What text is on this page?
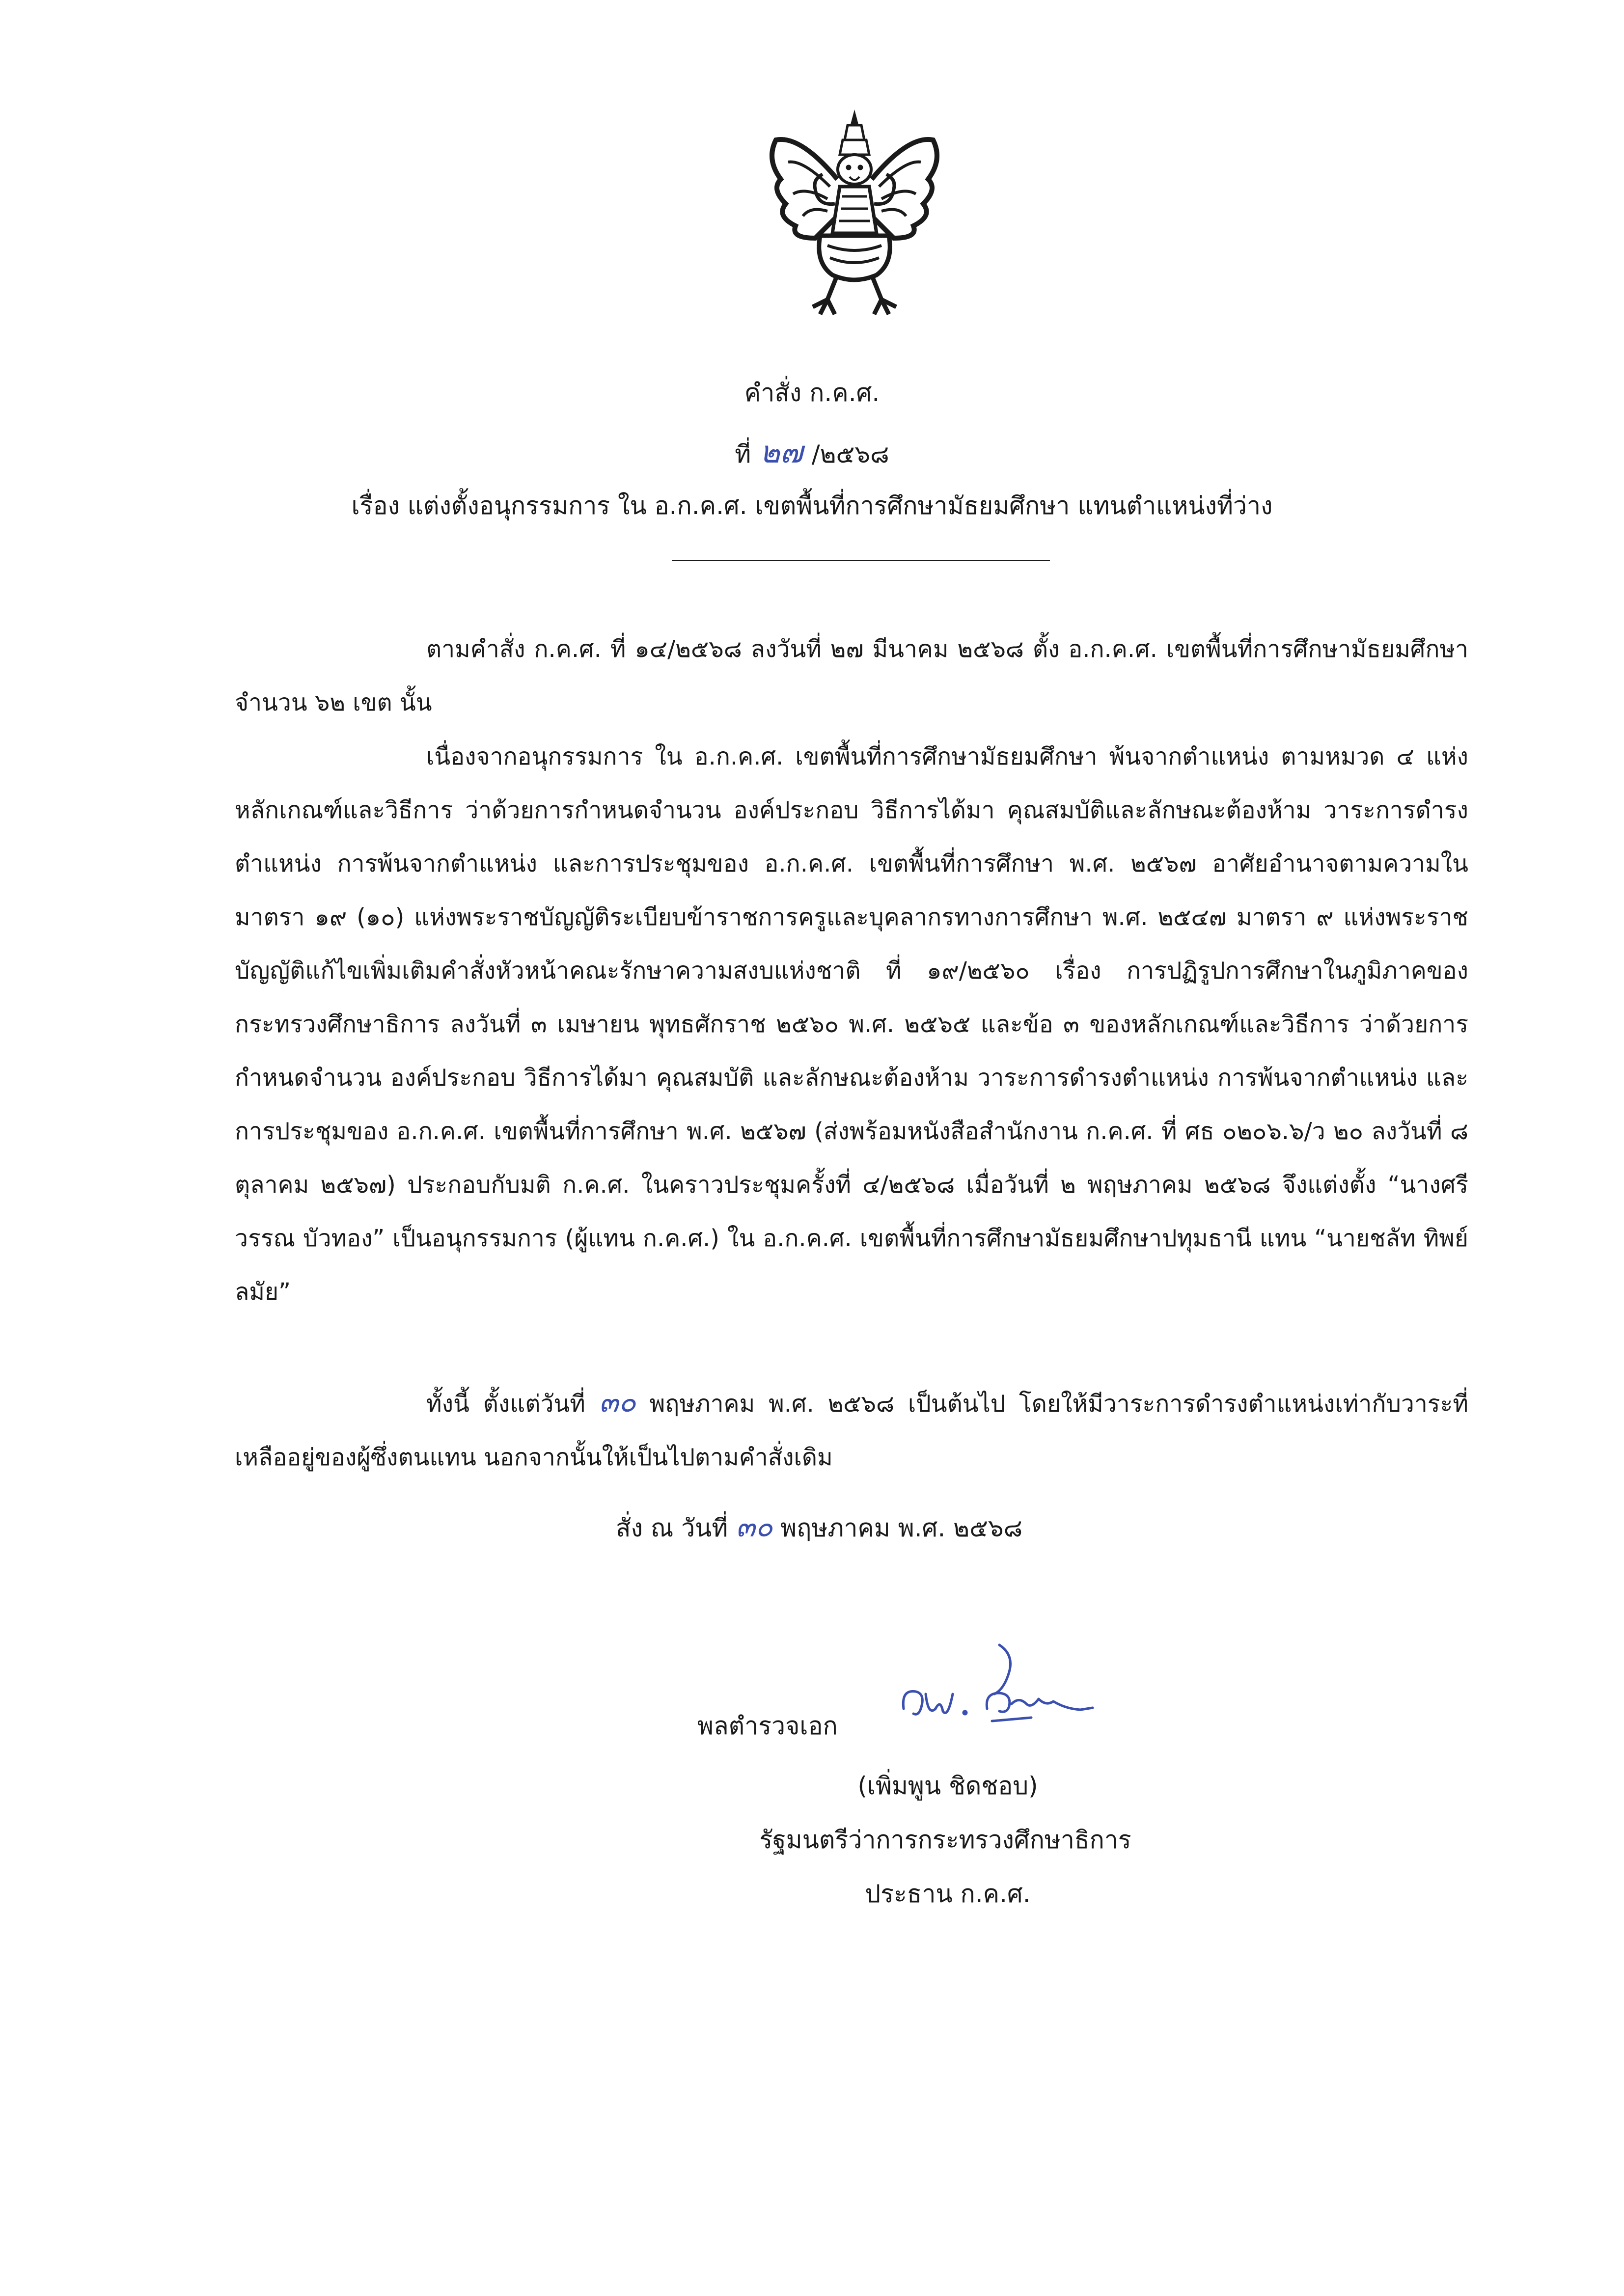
คำสั่ง ก.ค.ศ.
ที่ ๒๗ /๒๕๖๘
เรื่อง แต่งตั้งอนุกรรมการ ใน อ.ก.ค.ศ. เขตพื้นที่การศึกษามัธยมศึกษา แทนตำแหน่งที่ว่าง
ตามคำสั่ง ก.ค.ศ. ที่ ๑๔/๒๕๖๘ ลงวันที่ ๒๗ มีนาคม ๒๕๖๘ ตั้ง อ.ก.ค.ศ. เขตพื้นที่การศึกษามัธยมศึกษา จำนวน ๖๒ เขต นั้น
เนื่องจากอนุกรรมการ ใน อ.ก.ค.ศ. เขตพื้นที่การศึกษามัธยมศึกษา พ้นจากตำแหน่ง ตามหมวด ๔ แห่งหลักเกณฑ์และวิธีการ ว่าด้วยการกำหนดจำนวน องค์ประกอบ วิธีการได้มา คุณสมบัติและลักษณะต้องห้าม วาระการดำรงตำแหน่ง การพ้นจากตำแหน่ง และการประชุมของ อ.ก.ค.ศ. เขตพื้นที่การศึกษา พ.ศ. ๒๕๖๗ อาศัยอำนาจตามความในมาตรา ๑๙ (๑๐) แห่งพระราชบัญญัติระเบียบข้าราชการครูและบุคลากรทางการศึกษา พ.ศ. ๒๕๔๗ มาตรา ๙ แห่งพระราชบัญญัติแก้ไขเพิ่มเติมคำสั่งหัวหน้าคณะรักษาความสงบแห่งชาติ ที่ ๑๙/๒๕๖๐ เรื่อง การปฏิรูปการศึกษาในภูมิภาคของกระทรวงศึกษาธิการ ลงวันที่ ๓ เมษายน พุทธศักราช ๒๕๖๐ พ.ศ. ๒๕๖๕ และข้อ ๓ ของหลักเกณฑ์และวิธีการ ว่าด้วยการกำหนดจำนวน องค์ประกอบ วิธีการได้มา คุณสมบัติ และลักษณะต้องห้าม วาระการดำรงตำแหน่ง การพ้นจากตำแหน่ง และการประชุมของ อ.ก.ค.ศ. เขตพื้นที่การศึกษา พ.ศ. ๒๕๖๗ (ส่งพร้อมหนังสือสำนักงาน ก.ค.ศ. ที่ ศธ ๐๒๐๖.๖/ว ๒๐ ลงวันที่ ๘ ตุลาคม ๒๕๖๗) ประกอบกับมติ ก.ค.ศ. ในคราวประชุมครั้งที่ ๔/๒๕๖๘ เมื่อวันที่ ๒ พฤษภาคม ๒๕๖๘ จึงแต่งตั้ง “นางศรีวรรณ บัวทอง” เป็นอนุกรรมการ (ผู้แทน ก.ค.ศ.) ใน อ.ก.ค.ศ. เขตพื้นที่การศึกษามัธยมศึกษาปทุมธานี แทน “นายชลัท ทิพย์ลมัย”
ทั้งนี้ ตั้งแต่วันที่ ๓๐ พฤษภาคม พ.ศ. ๒๕๖๘ เป็นต้นไป โดยให้มีวาระการดำรงตำแหน่งเท่ากับวาระที่เหลืออยู่ของผู้ซึ่งตนแทน นอกจากนั้นให้เป็นไปตามคำสั่งเดิม
สั่ง ณ วันที่ ๓๐ พฤษภาคม พ.ศ. ๒๕๖๘
พลตำรวจเอก
(เพิ่มพูน ชิดชอบ)
รัฐมนตรีว่าการกระทรวงศึกษาธิการ
ประธาน ก.ค.ศ.
